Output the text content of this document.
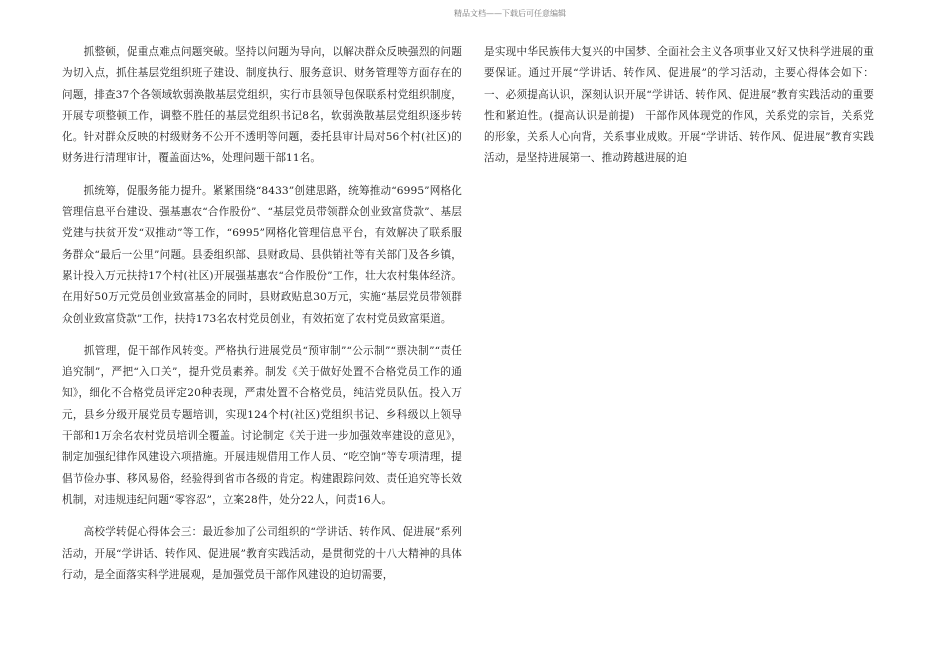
精品文档——下载后可任意编辑

　　抓整顿，促重点难点问题突破。坚持以问题为导向，以解决群众反映强烈的问题为切入点，抓住基层党组织班子建设、制度执行、服务意识、财务管理等方面存在的问题，排查37个各领域软弱涣散基层党组织，实行市县领导包保联系村党组织制度，开展专项整顿工作，调整不胜任的基层党组织书记8名，软弱涣散基层党组织逐步转化。针对群众反映的村级财务不公开不透明等问题，委托县审计局对56个村(社区)的财务进行清理审计，覆盖面达%，处理问题干部11名。

　　抓统筹，促服务能力提升。紧紧围绕“8433”创建思路，统筹推动“6995”网格化管理信息平台建设、强基惠农“合作股份”、“基层党员带领群众创业致富贷款”、基层党建与扶贫开发“双推动”等工作，“6995”网格化管理信息平台，有效解决了联系服务群众“最后一公里”问题。县委组织部、县财政局、县供销社等有关部门及各乡镇，累计投入万元扶持17个村(社区)开展强基惠农“合作股份”工作，壮大农村集体经济。在用好50万元党员创业致富基金的同时，县财政贴息30万元，实施“基层党员带领群众创业致富贷款”工作，扶持173名农村党员创业，有效拓宽了农村党员致富渠道。

　　抓管理，促干部作风转变。严格执行进展党员“预审制”“公示制”“票决制”“责任追究制”，严把“入口关”，提升党员素养。制发《关于做好处置不合格党员工作的通知》，细化不合格党员评定20种表现，严肃处置不合格党员，纯洁党员队伍。投入万元，县乡分级开展党员专题培训，实现124个村(社区)党组织书记、乡科级以上领导干部和1万余名农村党员培训全覆盖。讨论制定《关于进一步加强效率建设的意见》，制定加强纪律作风建设六项措施。开展违规借用工作人员、“吃空饷”等专项清理，提倡节俭办事、移风易俗，经验得到省市各级的肯定。构建跟踪问效、责任追究等长效机制，对违规违纪问题“零容忍”，立案28件，处分22人，问责16人。

　　高校学转促心得体会三：最近参加了公司组织的“学讲话、转作风、促进展”系列活动，开展“学讲话、转作风、促进展”教育实践活动，是贯彻党的十八大精神的具体行动，是全面落实科学进展观，是加强党员干部作风建设的迫切需要，

是实现中华民族伟大复兴的中国梦、全面社会主义各项事业又好又快科学进展的重要保证。通过开展“学讲话、转作风、促进展”的学习活动，主要心得体会如下：一、必须提高认识，深刻认识开展“学讲话、转作风、促进展”教育实践活动的重要性和紧迫性。(提高认识是前提)　干部作风体现党的作风，关系党的宗旨，关系党的形象，关系人心向背，关系事业成败。开展“学讲话、转作风、促进展”教育实践活动，是坚持进展第一、推动跨越进展的迫
